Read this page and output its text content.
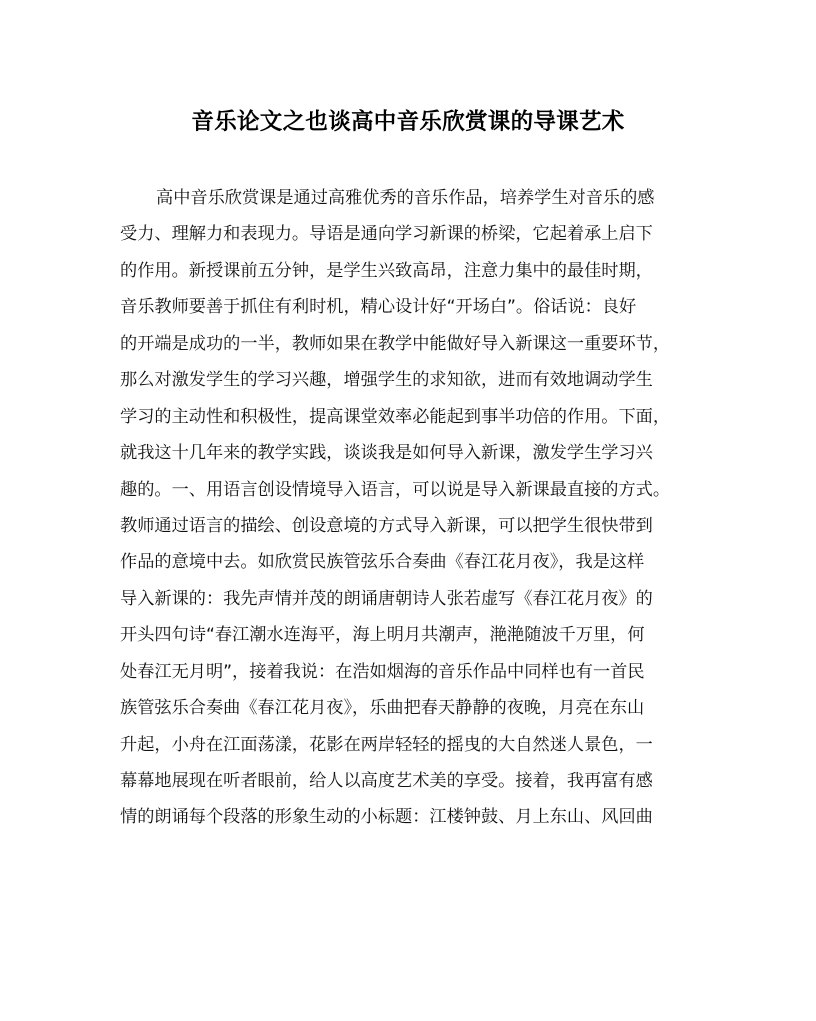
音乐论文之也谈高中音乐欣赏课的导课艺术
高中音乐欣赏课是通过高雅优秀的音乐作品，培养学生对音乐的感
受力、理解力和表现力。导语是通向学习新课的桥梁，它起着承上启下
的作用。新授课前五分钟，是学生兴致高昂，注意力集中的最佳时期，
音乐教师要善于抓住有利时机，精心设计好“开场白”。俗话说：良好
的开端是成功的一半，教师如果在教学中能做好导入新课这一重要环节，
那么对激发学生的学习兴趣，增强学生的求知欲，进而有效地调动学生
学习的主动性和积极性，提高课堂效率必能起到事半功倍的作用。下面，
就我这十几年来的教学实践，谈谈我是如何导入新课，激发学生学习兴
趣的。一、用语言创设情境导入语言，可以说是导入新课最直接的方式。
教师通过语言的描绘、创设意境的方式导入新课，可以把学生很快带到
作品的意境中去。如欣赏民族管弦乐合奏曲《春江花月夜》，我是这样
导入新课的：我先声情并茂的朗诵唐朝诗人张若虚写《春江花月夜》的
开头四句诗“春江潮水连海平，海上明月共潮声，滟滟随波千万里，何
处春江无月明”，接着我说：在浩如烟海的音乐作品中同样也有一首民
族管弦乐合奏曲《春江花月夜》，乐曲把春天静静的夜晚，月亮在东山
升起，小舟在江面荡漾，花影在两岸轻轻的摇曳的大自然迷人景色，一
幕幕地展现在听者眼前，给人以高度艺术美的享受。接着，我再富有感
情的朗诵每个段落的形象生动的小标题：江楼钟鼓、月上东山、风回曲
